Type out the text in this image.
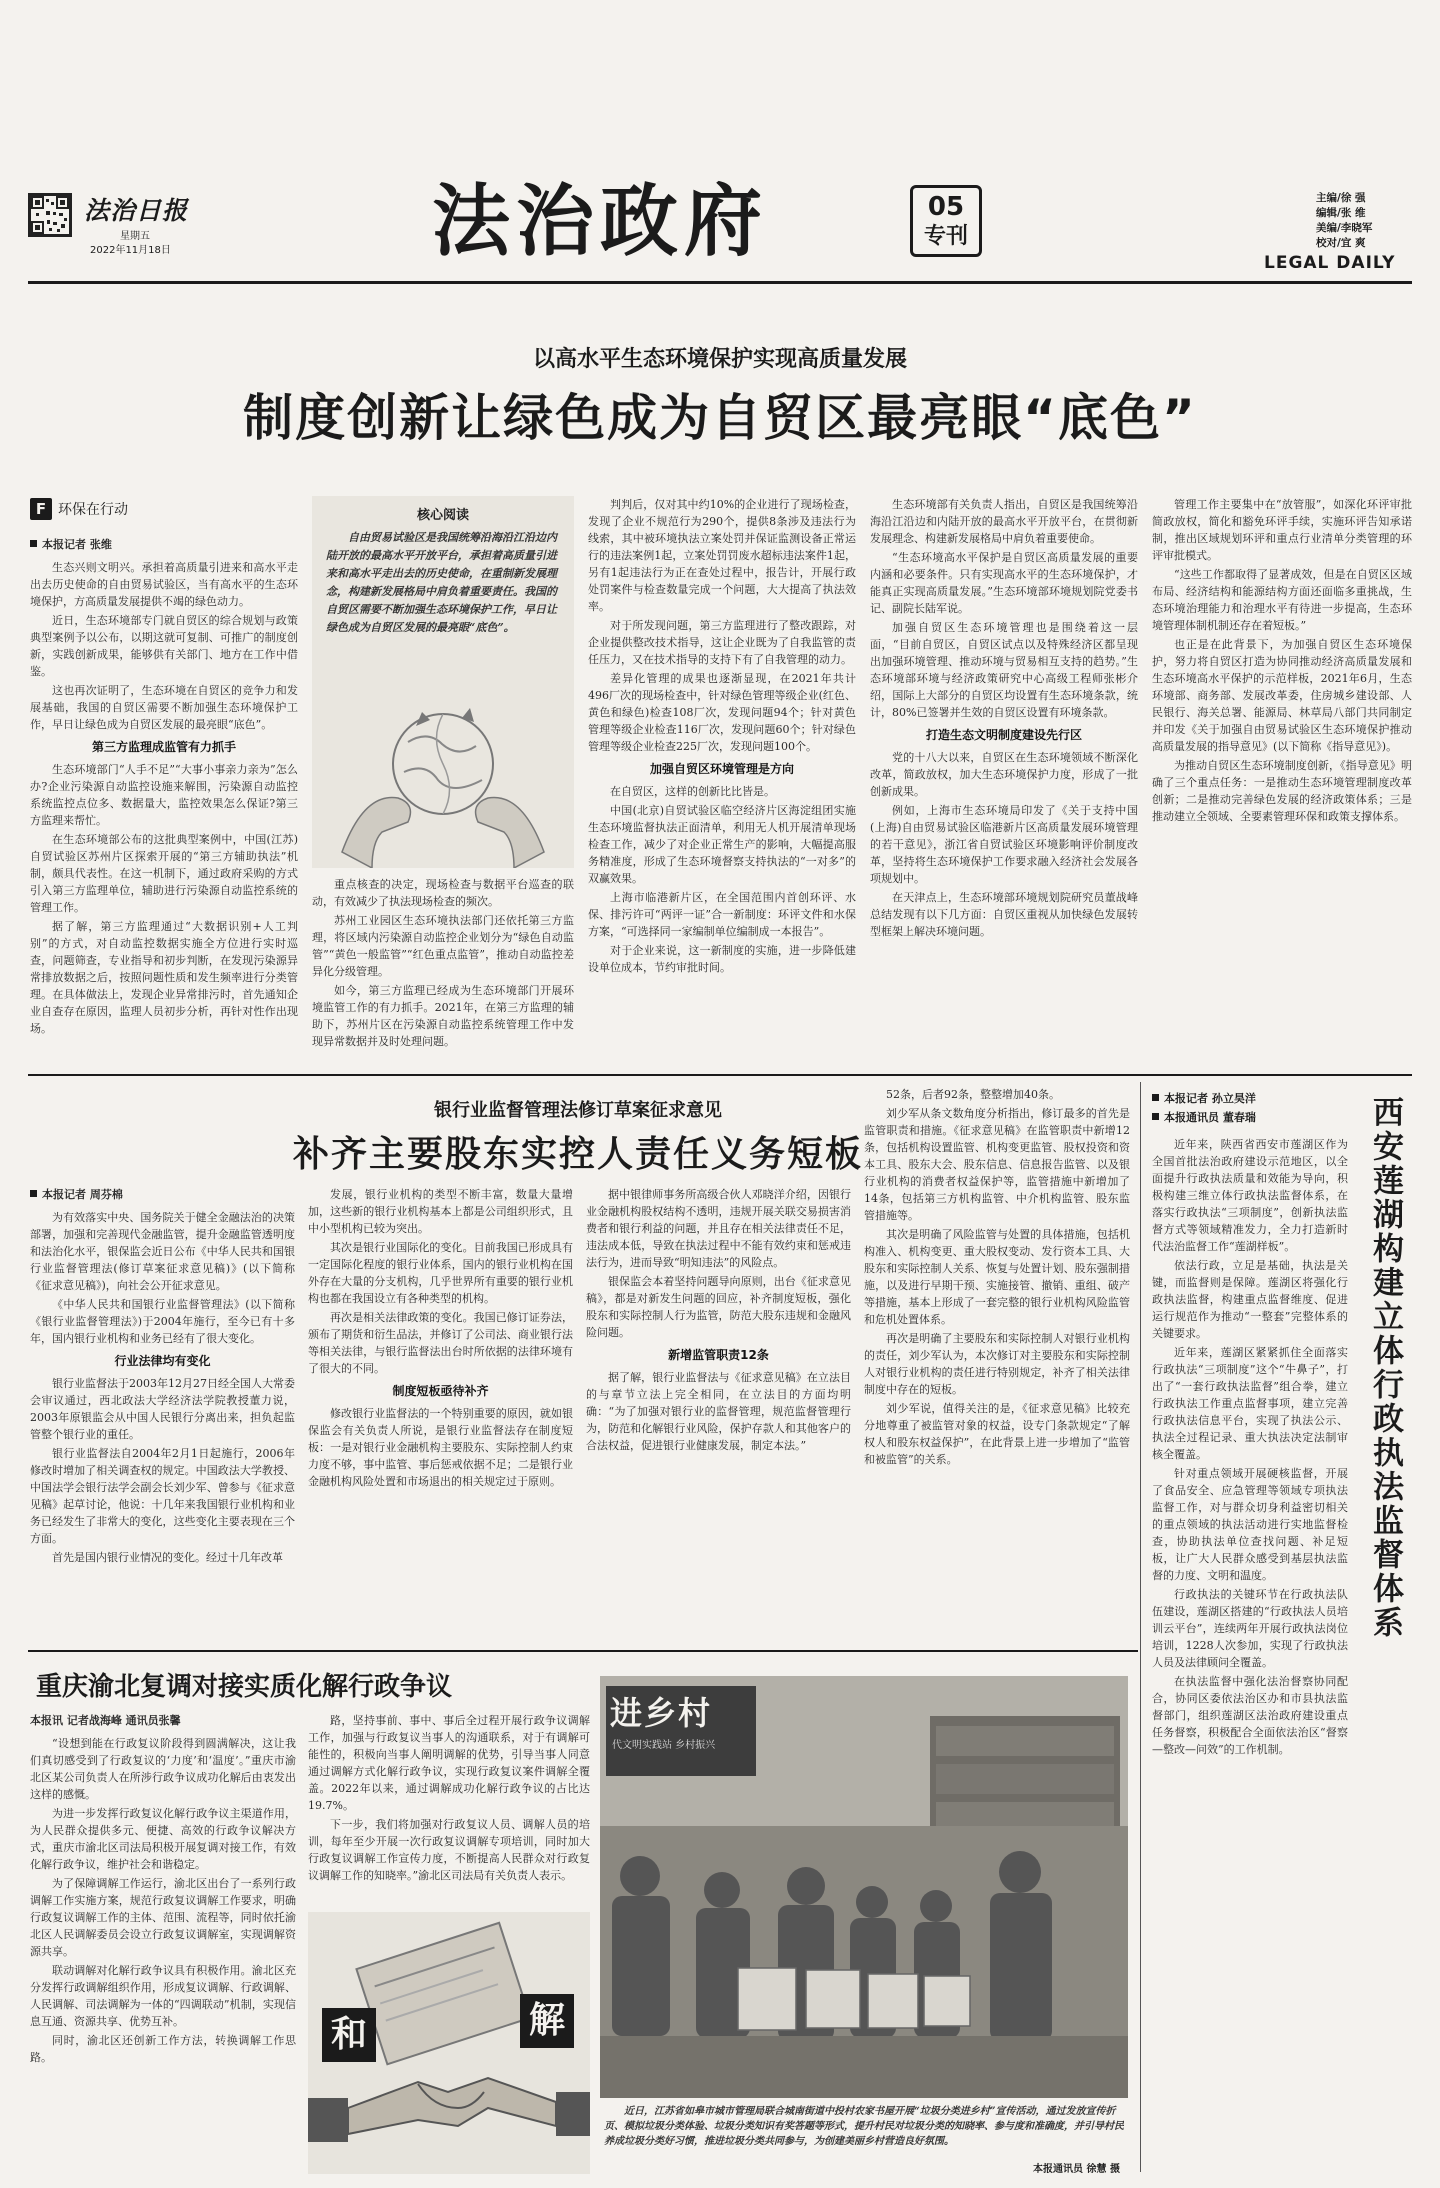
法治日报
星期五
2022年11月18日	法治政府	05
专刊
主编/徐 强
编辑/张 维
美编/李晓军
校对/宜 爽
LEGAL DAILY
以高水平生态环境保护实现高质量发展
制度创新让绿色成为自贸区最亮眼“底色”
F 环保在行动
本报记者 张维

生态兴则文明兴。承担着高质量引进来和高水平走出去历史使命的自由贸易试验区，当有高水平的生态环境保护，方高质量发展提供不竭的绿色动力。

近日，生态环境部专门就自贸区的综合规划与政策典型案例予以公布，以期这就可复制、可推广的制度创新，实践创新成果，能够供有关部门、地方在工作中借鉴。

这也再次证明了，生态环境在自贸区的竞争力和发展基础，我国的自贸区需要不断加强生态环境保护工作，早日让绿色成为自贸区发展的最亮眼“底色”。

第三方监理成监管有力抓手

生态环境部门“人手不足”“大事小事亲力亲为”怎么办?企业污染源自动监控设施来解围，污染源自动监控系统监控点位多、数据量大，监控效果怎么保证?第三方监理来帮忙。

在生态环境部公布的这批典型案例中，中国(江苏)自贸试验区苏州片区探索开展的“第三方辅助执法”机制，颇具代表性。在这一机制下，通过政府采购的方式引入第三方监理单位，辅助进行污染源自动监控系统的管理工作。

据了解，第三方监理通过“大数据识别+人工判别”的方式，对自动监控数据实施全方位进行实时巡查，问题筛查，专业指导和初步判断，在发现污染源异常排放数据之后，按照问题性质和发生频率进行分类管理。在具体做法上，发现企业异常排污时，首先通知企业自查存在原因，监理人员初步分析，再针对性作出现场。

核心阅读
自由贸易试验区是我国统筹沿海沿江沿边内陆开放的最高水平开放平台，承担着高质量引进来和高水平走出去的历史使命，在重制新发展理念，构建新发展格局中肩负着重要责任。我国的自贸区需要不断加强生态环境保护工作，早日让绿色成为自贸区发展的最亮眼“底色”。

重点核查的决定，现场检查与数据平台巡查的联动，有效减少了执法现场检查的频次。

苏州工业园区生态环境执法部门还依托第三方监理，将区域内污染源自动监控企业划分为“绿色自动监管”“黄色一般监管”“红色重点监管”，推动自动监控差异化分级管理。

如今，第三方监理已经成为生态环境部门开展环境监管工作的有力抓手。2021年，在第三方监理的辅助下，苏州片区在污染源自动监控系统管理工作中发现异常数据并及时处理问题。

判判后，仅对其中约10%的企业进行了现场检查，发现了企业不规范行为290个，提供8条涉及违法行为线索，其中被环境执法立案处罚并保证监测设备正常运行的违法案例1起，立案处罚罚废水超标违法案件1起，另有1起违法行为正在查处过程中，报告计，开展行政处罚案件与检查数量完成一个问题，大大提高了执法效率。

对于所发现问题，第三方监理进行了整改跟踪，对企业提供整改技术指导，这让企业既为了自我监管的责任压力，又在技术指导的支持下有了自我管理的动力。

差异化管理的成果也逐渐显现，在2021年共计496厂次的现场检查中，针对绿色管理等级企业(红色、黄色和绿色)检查108厂次，发现问题94个；针对黄色管理等级企业检查116厂次，发现问题60个；针对绿色管理等级企业检查225厂次，发现问题100个。

加强自贸区环境管理是方向

在自贸区，这样的创新比比皆是。

中国(北京)自贸试验区临空经济片区海淀组团实施生态环境监督执法正面清单，利用无人机开展清单现场检查工作，减少了对企业正常生产的影响，大幅提高服务精准度，形成了生态环境督察支持执法的“一对多”的双赢效果。

上海市临港新片区，在全国范围内首创环评、水保、排污许可“两评一证”合一新制度：环评文件和水保方案，“可选择同一家编制单位编制成一本报告”。

对于企业来说，这一新制度的实施，进一步降低建设单位成本，节约审批时间。

生态环境部有关负责人指出，自贸区是我国统筹沿海沿江沿边和内陆开放的最高水平开放平台，在贯彻新发展理念、构建新发展格局中肩负着重要使命。

“生态环境高水平保护是自贸区高质量发展的重要内涵和必要条件。只有实现高水平的生态环境保护，才能真正实现高质量发展。”生态环境部环境规划院党委书记、副院长陆军说。

加强自贸区生态环境管理也是围绕着这一层面，“目前自贸区，自贸区试点以及特殊经济区都呈现出加强环境管理、推动环境与贸易相互支持的趋势。”生态环境部环境与经济政策研究中心高级工程师张彬介绍，国际上大部分的自贸区均设置有生态环境条款，统计，80%已签署并生效的自贸区设置有环境条款。

打造生态文明制度建设先行区

党的十八大以来，自贸区在生态环境领域不断深化改革，简政放权，加大生态环境保护力度，形成了一批创新成果。

例如，上海市生态环境局印发了《关于支持中国(上海)自由贸易试验区临港新片区高质量发展环境管理的若干意见》，浙江省自贸试验区环境影响评价制度改革，坚持将生态环境保护工作要求融入经济社会发展各项规划中。

在天津点上，生态环境部环境规划院研究员董战峰总结发现有以下几方面：自贸区重视从加快绿色发展转型框架上解决环境问题。

管理工作主要集中在“放管服”，如深化环评审批简政放权，简化和豁免环评手续，实施环评告知承诺制，推出区域规划环评和重点行业清单分类管理的环评审批模式。

“这些工作都取得了显著成效，但是在自贸区区域布局、经济结构和能源结构方面还面临多重挑战，生态环境治理能力和治理水平有待进一步提高，生态环境管理体制机制还存在着短板。”

也正是在此背景下，为加强自贸区生态环境保护，努力将自贸区打造为协同推动经济高质量发展和生态环境高水平保护的示范样板，2021年6月，生态环境部、商务部、发展改革委，住房城乡建设部、人民银行、海关总署、能源局、林草局八部门共同制定并印发《关于加强自由贸易试验区生态环境保护推动高质量发展的指导意见》(以下简称《指导意见》)。

为推动自贸区生态环境制度创新，《指导意见》明确了三个重点任务：一是推动生态环境管理制度改革创新；二是推动完善绿色发展的经济政策体系；三是推动建立全领域、全要素管理环保和政策支撑体系。

银行业监督管理法修订草案征求意见
补齐主要股东实控人责任义务短板
本报记者 周芬棉

为有效落实中央、国务院关于健全金融法治的决策部署，加强和完善现代金融监管，提升金融监管透明度和法治化水平，银保监会近日公布《中华人民共和国银行业监督管理法(修订草案征求意见稿)》(以下简称《征求意见稿》)，向社会公开征求意见。

《中华人民共和国银行业监督管理法》(以下简称《银行业监督管理法》)于2004年施行，至今已有十多年，国内银行业机构和业务已经有了很大变化。

行业法律均有变化

银行业监督法于2003年12月27日经全国人大常委会审议通过，西北政法大学经济法学院教授董力说，2003年原银监会从中国人民银行分离出来，担负起监管整个银行业的重任。

银行业监督法自2004年2月1日起施行，2006年修改时增加了相关调查权的规定。中国政法大学教授、中国法学会银行法学会副会长刘少军、曾参与《征求意见稿》起草讨论，他说：十几年来我国银行业机构和业务已经发生了非常大的变化，这些变化主要表现在三个方面。

首先是国内银行业情况的变化。经过十几年改革

发展，银行业机构的类型不断丰富，数量大量增加，这些新的银行业机构基本上都是公司组织形式，且中小型机构已较为突出。

其次是银行业国际化的变化。目前我国已形成具有一定国际化程度的银行业体系，国内的银行业机构在国外存在大量的分支机构，几乎世界所有重要的银行业机构也都在我国设立有各种类型的机构。

再次是相关法律政策的变化。我国已修订证券法，颁布了期货和衍生品法，并修订了公司法、商业银行法等相关法律，与银行监督法出台时所依据的法律环境有了很大的不同。

制度短板亟待补齐

修改银行业监督法的一个特别重要的原因，就如银保监会有关负责人所说，是银行业监督法存在制度短板：一是对银行业金融机构主要股东、实际控制人约束力度不够，事中监管、事后惩戒依据不足；二是银行业金融机构风险处置和市场退出的相关规定过于原则。

据中银律师事务所高级合伙人邓晓洋介绍，因银行业金融机构股权结构不透明，违规开展关联交易损害消费者和银行利益的问题，并且存在相关法律责任不足，违法成本低，导致在执法过程中不能有效约束和惩戒违法行为，进而导致“明知违法”的风险点。

银保监会本着坚持问题导向原则，出台《征求意见稿》，都是对新发生问题的回应，补齐制度短板，强化股东和实际控制人行为监管，防范大股东违规和金融风险问题。

新增监管职责12条

据了解，银行业监督法与《征求意见稿》在立法目的与章节立法上完全相同，在立法目的方面均明确：“为了加强对银行业的监督管理，规范监督管理行为，防范和化解银行业风险，保护存款人和其他客户的合法权益，促进银行业健康发展，制定本法。”

52条，后者92条，整整增加40条。

刘少军从条文数角度分析指出，修订最多的首先是监管职责和措施。《征求意见稿》在监管职责中新增12条，包括机构设置监管、机构变更监管、股权投资和资本工具、股东大会、股东信息、信息报告监管、以及银行业机构的消费者权益保护等，监管措施中新增加了14条，包括第三方机构监管、中介机构监管、股东监管措施等。

其次是明确了风险监管与处置的具体措施，包括机构准入、机构变更、重大股权变动、发行资本工具、大股东和实际控制人关系、恢复与处置计划、股东强制措施，以及进行早期干预、实施接管、撤销、重组、破产等措施，基本上形成了一套完整的银行业机构风险监管和危机处置体系。

再次是明确了主要股东和实际控制人对银行业机构的责任，刘少军认为，本次修订对主要股东和实际控制人对银行业机构的责任进行特别规定，补齐了相关法律制度中存在的短板。

刘少军说，值得关注的是，《征求意见稿》比较充分地尊重了被监管对象的权益，设专门条款规定“了解权人和股东权益保护”，在此背景上进一步增加了“监管和被监管”的关系。

本报记者 孙立昊洋
本报通讯员 董春瑞	西安莲湖构建立体行政执法监督体系

近年来，陕西省西安市莲湖区作为全国首批法治政府建设示范地区，以全面提升行政执法质量和效能为导向，积极构建三维立体行政执法监督体系，在落实行政执法“三项制度”，创新执法监督方式等领域精准发力，全力打造新时代法治监督工作“莲湖样板”。

依法行政，立足是基础，执法是关键，而监督则是保障。莲湖区将强化行政执法监督，构建重点监督维度、促进运行规范作为推动“一整套”完整体系的关键要求。

近年来，莲湖区紧紧抓住全面落实行政执法“三项制度”这个“牛鼻子”，打出了“一套行政执法监督”组合拳，建立行政执法工作重点监督事项，建立完善行政执法信息平台，实现了执法公示、执法全过程记录、重大执法决定法制审核全覆盖。

针对重点领域开展硬核监督，开展了食品安全、应急管理等领域专项执法监督工作，对与群众切身利益密切相关的重点领域的执法活动进行实地监督检查，协助执法单位查找问题、补足短板，让广大人民群众感受到基层执法监督的力度、文明和温度。

行政执法的关键环节在行政执法队伍建设，莲湖区搭建的“行政执法人员培训云平台”，连续两年开展行政执法岗位培训，1228人次参加，实现了行政执法人员及法律顾问全覆盖。

在执法监督中强化法治督察协同配合，协同区委依法治区办和市县执法监督部门，组织莲湖区法治政府建设重点任务督察，积极配合全面依法治区“督察—整改—问效”的工作机制。

重庆渝北复调对接实质化解行政争议
本报讯 记者战海峰 通讯员张馨

“设想到能在行政复议阶段得到圆满解决，这让我们真切感受到了行政复议的‘力度’和‘温度’。”重庆市渝北区某公司负责人在所涉行政争议成功化解后由衷发出这样的感慨。

为进一步发挥行政复议化解行政争议主渠道作用，为人民群众提供多元、便捷、高效的行政争议解决方式，重庆市渝北区司法局积极开展复调对接工作，有效化解行政争议，维护社会和谐稳定。

为了保障调解工作运行，渝北区出台了一系列行政调解工作实施方案，规范行政复议调解工作要求，明确行政复议调解工作的主体、范围、流程等，同时依托渝北区人民调解委员会设立行政复议调解室，实现调解资源共享。

联动调解对化解行政争议具有积极作用。渝北区充分发挥行政调解组织作用，形成复议调解、行政调解、人民调解、司法调解为一体的“四调联动”机制，实现信息互通、资源共享、优势互补。

同时，渝北区还创新工作方法，转换调解工作思路。

路，坚持事前、事中、事后全过程开展行政争议调解工作，加强与行政复议当事人的沟通联系，对于有调解可能性的，积极向当事人阐明调解的优势，引导当事人同意通过调解方式化解行政争议，实现行政复议案件调解全覆盖。2022年以来，通过调解成功化解行政争议的占比达19.7%。

下一步，我们将加强对行政复议人员、调解人员的培训，每年至少开展一次行政复议调解专项培训，同时加大行政复议调解工作宣传力度，不断提高人民群众对行政复议调解工作的知晓率。”渝北区司法局有关负责人表示。

和	解
进乡村
代文明实践站 乡村振兴
近日，江苏省如皋市城市管理局联合城南街道中投村农家书屋开展“垃圾分类进乡村”宣传活动，通过发放宣传折页、模拟垃圾分类体验、垃圾分类知识有奖答题等形式，提升村民对垃圾分类的知晓率、参与度和准确度，并引导村民养成垃圾分类好习惯，推进垃圾分类共同参与，为创建美丽乡村营造良好氛围。
本报通讯员 徐慧 摄
